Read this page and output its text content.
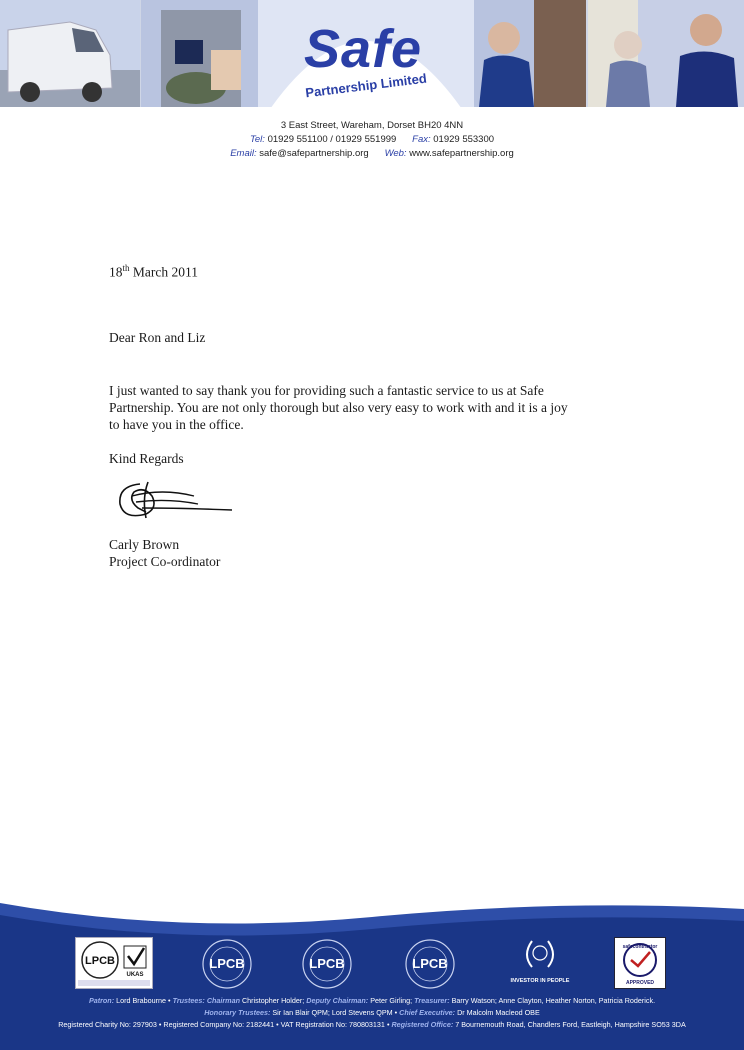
Safe
Partnership Limited
3 East Street, Wareham, Dorset BH20 4NN
Tel: 01929 551100 / 01929 551999 Fax: 01929 553300
Email: safe@safepartnership.org Web: www.safepartnership.org
18th March 2011
Dear Ron and Liz
I just wanted to say thank you for providing such a fantastic service to us at Safe
Partnership. You are not only thorough but also very easy to work with and it is a joy
to have you in the office.
Kind Regards
Carly Brown
Project Co-ordinator
LPCB
UKAS
LPCB	LPCB	LPCB
INVESTOR IN PEOPLE
safecontractor
APPROVED
Patron: Lord Brabourne • Trustees: Chairman Christopher Holder; Deputy Chairman: Peter Girling; Treasurer: Barry Watson; Anne Clayton, Heather Norton, Patricia Roderick.
Honorary Trustees: Sir Ian Blair QPM; Lord Stevens QPM • Chief Executive: Dr Malcolm Macleod OBE
Registered Charity No: 297903 • Registered Company No: 2182441 • VAT Registration No: 780803131 • Registered Office: 7 Bournemouth Road, Chandlers Ford, Eastleigh, Hampshire SO53 3DA
